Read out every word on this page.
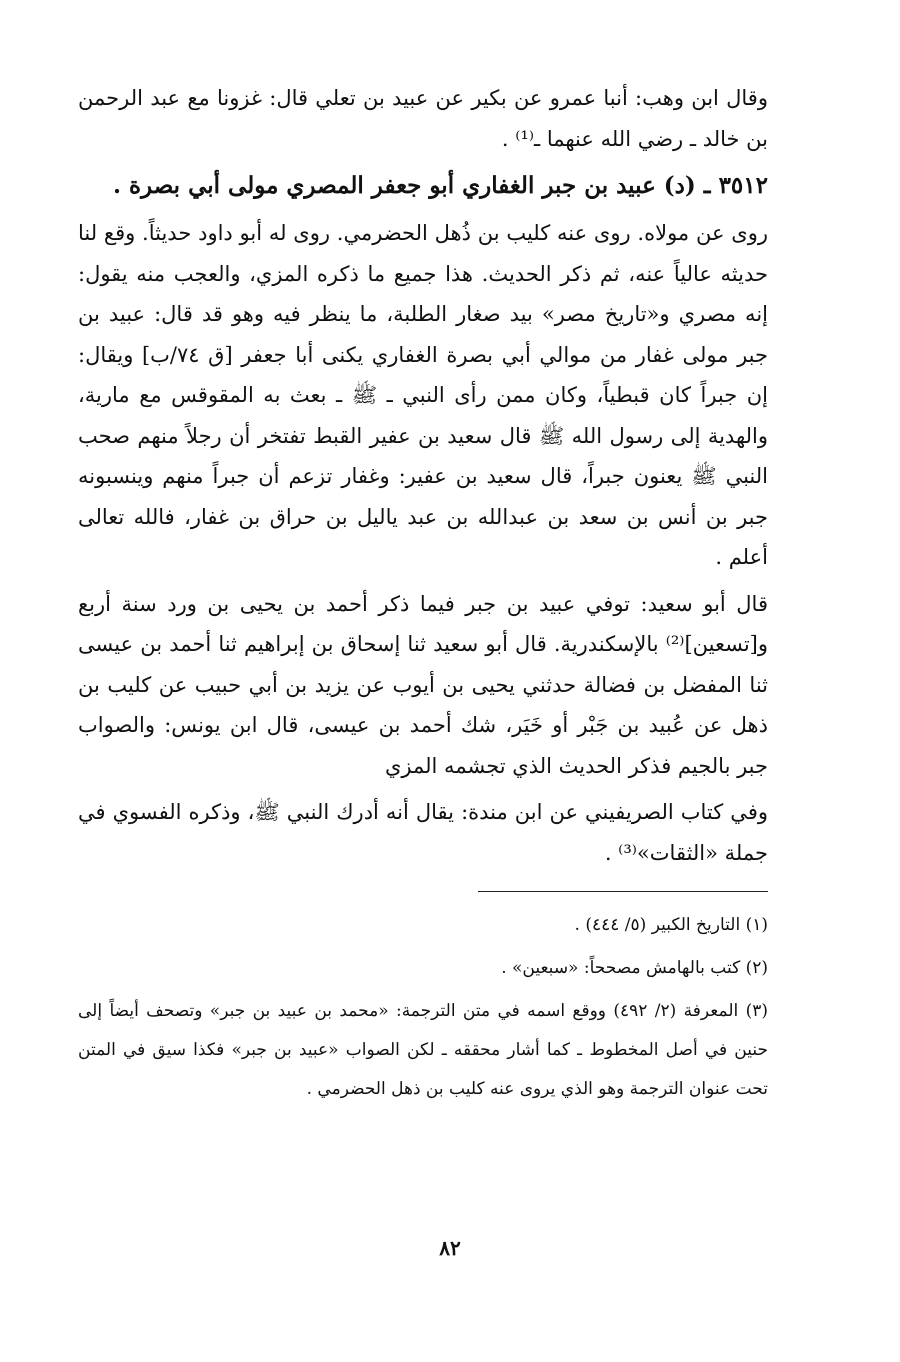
وقال ابن وهب: أنبا عمرو عن بكير عن عبيد بن تعلي قال: غزونا مع عبد الرحمن بن خالد ـ رضي الله عنهما ـ⁽¹⁾ .

٣٥١٢ ـ (د) عبيد بن جبر الغفاري أبو جعفر المصري مولى أبي بصرة .

روى عن مولاه. روى عنه كليب بن ذُهل الحضرمي. روى له أبو داود حديثاً. وقع لنا حديثه عالياً عنه، ثم ذكر الحديث. هذا جميع ما ذكره المزي، والعجب منه يقول: إنه مصري و«تاريخ مصر» بيد صغار الطلبة، ما ينظر فيه وهو قد قال: عبيد بن جبر مولى غفار من موالي أبي بصرة الغفاري يكنى أبا جعفر [ق ٧٤/ب] ويقال: إن جبراً كان قبطياً، وكان ممن رأى النبي ـ ﷺ ـ بعث به المقوقس مع مارية، والهدية إلى رسول الله ﷺ قال سعيد بن عفير القبط تفتخر أن رجلاً منهم صحب النبي ﷺ يعنون جبراً، قال سعيد بن عفير: وغفار تزعم أن جبراً منهم وينسبونه جبر بن أنس بن سعد بن عبدالله بن عبد ياليل بن حراق بن غفار، فالله تعالى أعلم .

قال أبو سعيد: توفي عبيد بن جبر فيما ذكر أحمد بن يحيى بن ورد سنة أربع و[تسعين]⁽²⁾ بالإسكندرية. قال أبو سعيد ثنا إسحاق بن إبراهيم ثنا أحمد بن عيسى ثنا المفضل بن فضالة حدثني يحيى بن أيوب عن يزيد بن أبي حبيب عن كليب بن ذهل عن عُبيد بن جَبْر أو خَيَر، شك أحمد بن عيسى، قال ابن يونس: والصواب جبر بالجيم فذكر الحديث الذي تجشمه المزي

وفي كتاب الصريفيني عن ابن مندة: يقال أنه أدرك النبي ﷺ، وذكره الفسوي في جملة «الثقات»⁽³⁾ .

(١) التاريخ الكبير (٥/ ٤٤٤) .

(٢) كتب بالهامش مصححاً: «سبعين» .

(٣) المعرفة (٢/ ٤٩٢) ووقع اسمه في متن الترجمة: «محمد بن عبيد بن جبر» وتصحف أيضاً إلى حنين في أصل المخطوط ـ كما أشار محققه ـ لكن الصواب «عبيد بن جبر» فكذا سيق في المتن تحت عنوان الترجمة وهو الذي يروى عنه كليب بن ذهل الحضرمي .

٨٢
